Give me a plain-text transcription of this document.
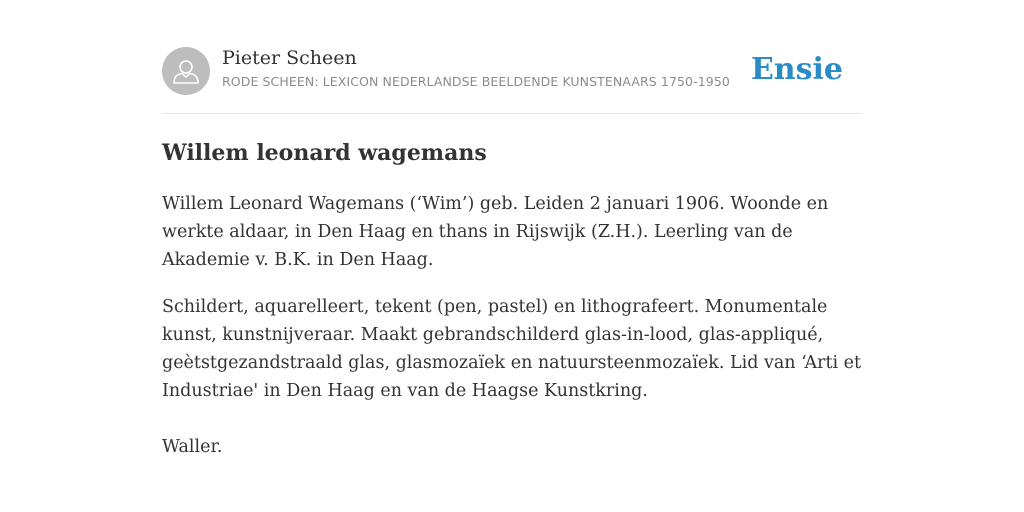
Pieter Scheen
RODE SCHEEN: LEXICON NEDERLANDSE BEELDENDE KUNSTENAARS 1750-1950 Ensie
Willem leonard wagemans

Willem Leonard Wagemans (‘Wim’) geb. Leiden 2 januari 1906. Woonde en werkte aldaar, in Den Haag en thans in Rijswijk (Z.H.). Leerling van de Akademie v. B.K. in Den Haag.

Schildert, aquarelleert, tekent (pen, pastel) en lithografeert. Monumentale kunst, kunstnijveraar. Maakt gebrandschilderd glas-in-lood, glas-appliqué, geètstgezandstraald glas, glasmozaïek en natuursteenmozaïek. Lid van ‘Arti et Industriae' in Den Haag en van de Haagse Kunstkring.

Waller.
